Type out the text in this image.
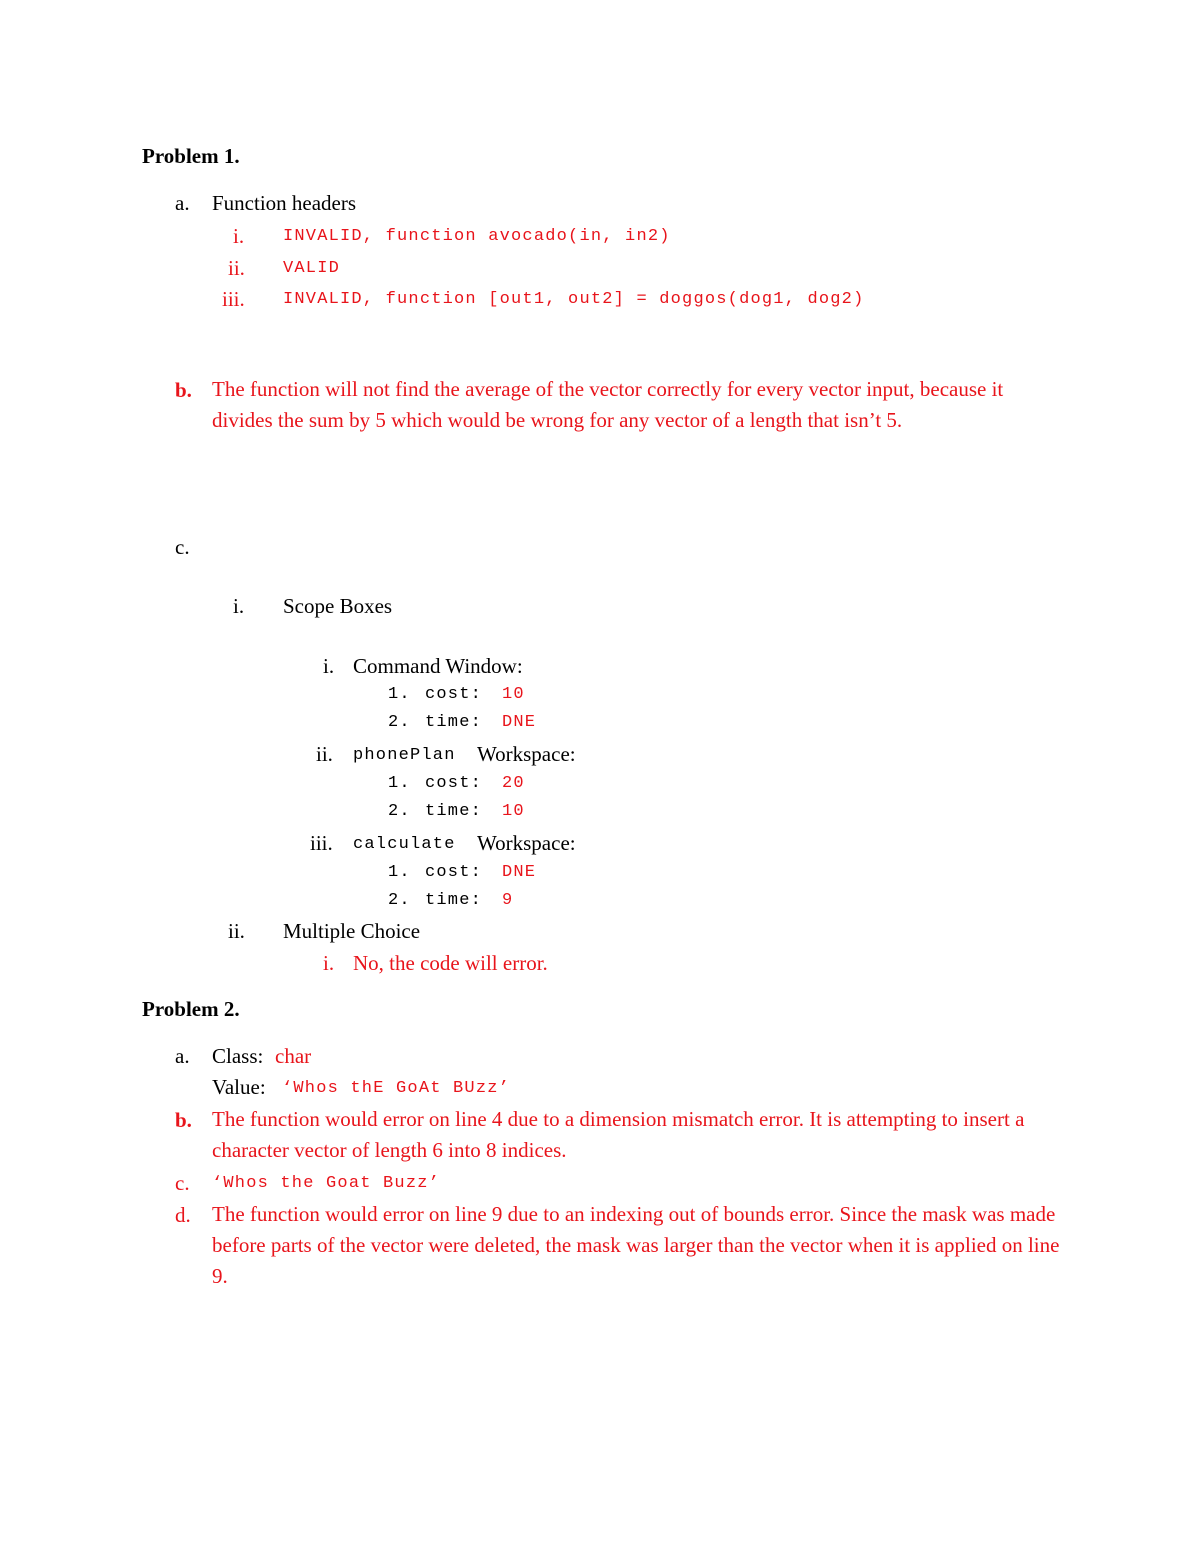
Problem 1.
a. Function headers
i. INVALID, function avocado(in, in2)
ii. VALID
iii. INVALID, function [out1, out2] = doggos(dog1, dog2)
b. The function will not find the average of the vector correctly for every vector input, because it divides the sum by 5 which would be wrong for any vector of a length that isn’t 5.
c.
i. Scope Boxes
i. Command Window:
1. cost: 10
2. time: DNE
ii. phonePlan Workspace:
1. cost: 20
2. time: 10
iii. calculate Workspace:
1. cost: DNE
2. time: 9
ii. Multiple Choice
i. No, the code will error.
Problem 2.
a. Class: char
Value: ‘Whos thE GoAt BUzz’
b. The function would error on line 4 due to a dimension mismatch error. It is attempting to insert a character vector of length 6 into 8 indices.
c. ‘Whos the Goat Buzz’
d. The function would error on line 9 due to an indexing out of bounds error. Since the mask was made before parts of the vector were deleted, the mask was larger than the vector when it is applied on line 9.
